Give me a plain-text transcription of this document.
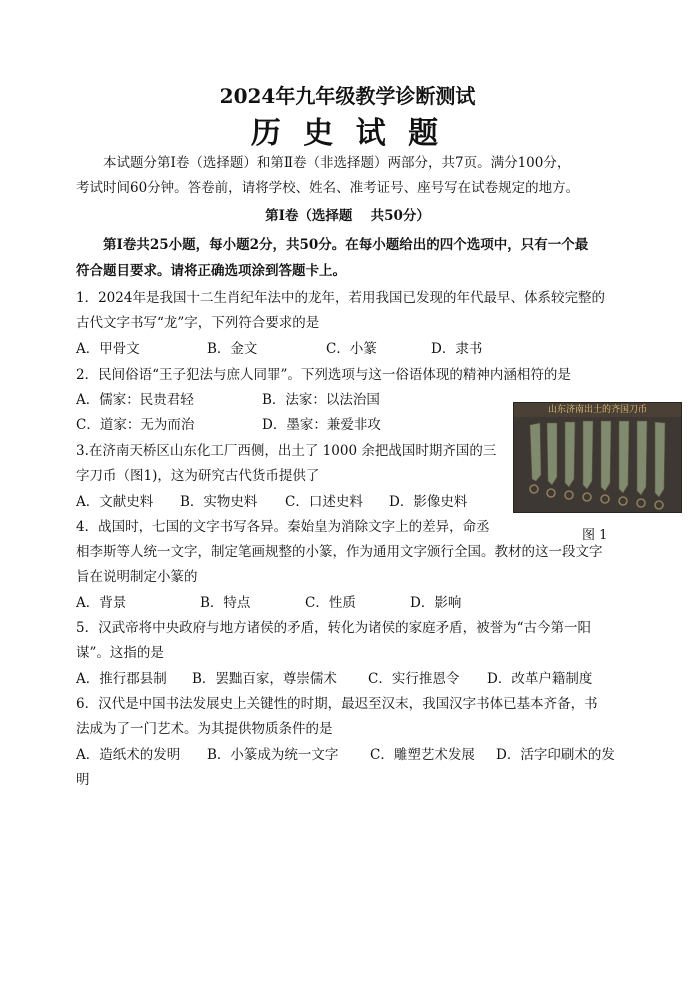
2024年九年级教学诊断测试
历 史 试 题
本试题分第Ⅰ卷（选择题）和第Ⅱ卷（非选择题）两部分，共7页。满分100分，
考试时间60分钟。答卷前，请将学校、姓名、准考证号、座号写在试卷规定的地方。
第Ⅰ卷（选择题　 共50分）
第Ⅰ卷共25小题，每小题2分，共50分。在每小题给出的四个选项中，只有一个最
符合题目要求。请将正确选项涂到答题卡上。
1．2024年是我国十二生肖纪年法中的龙年，若用我国已发现的年代最早、体系较完整的
古代文字书写“龙”字，下列符合要求的是
A．甲骨文	B．金文	C．小篆	D．隶书
2．民间俗语“王子犯法与庶人同罪”。下列选项与这一俗语体现的精神内涵相符的是
A．儒家：民贵君轻	B．法家：以法治国
C．道家：无为而治	D．墨家：兼爱非攻
山东济南出土的齐国刀币
3.在济南天桥区山东化工厂西侧，出土了 1000 余把战国时期齐国的三
字刀币（图1)，这为研究古代货币提供了
A．文献史料 B．实物史料 C．口述史料 D．影像史料
图 1
4．战国时，七国的文字书写各异。秦始皇为消除文字上的差异，命丞
相李斯等人统一文字，制定笔画规整的小篆，作为通用文字颁行全国。教材的这一段文字
旨在说明制定小篆的
A．背景	B．特点	C．性质	D．影响
5．汉武帝将中央政府与地方诸侯的矛盾，转化为诸侯的家庭矛盾，被誉为“古今第一阳
谋”。这指的是
A．推行郡县制 B．罢黜百家，尊崇儒术 C．实行推恩令 D．改革户籍制度
6．汉代是中国书法发展史上关键性的时期，最迟至汉末，我国汉字书体已基本齐备，书
法成为了一门艺术。为其提供物质条件的是
A．造纸术的发明 B．小篆成为统一文字 C．雕塑艺术发展 D．活字印刷术的发
明
